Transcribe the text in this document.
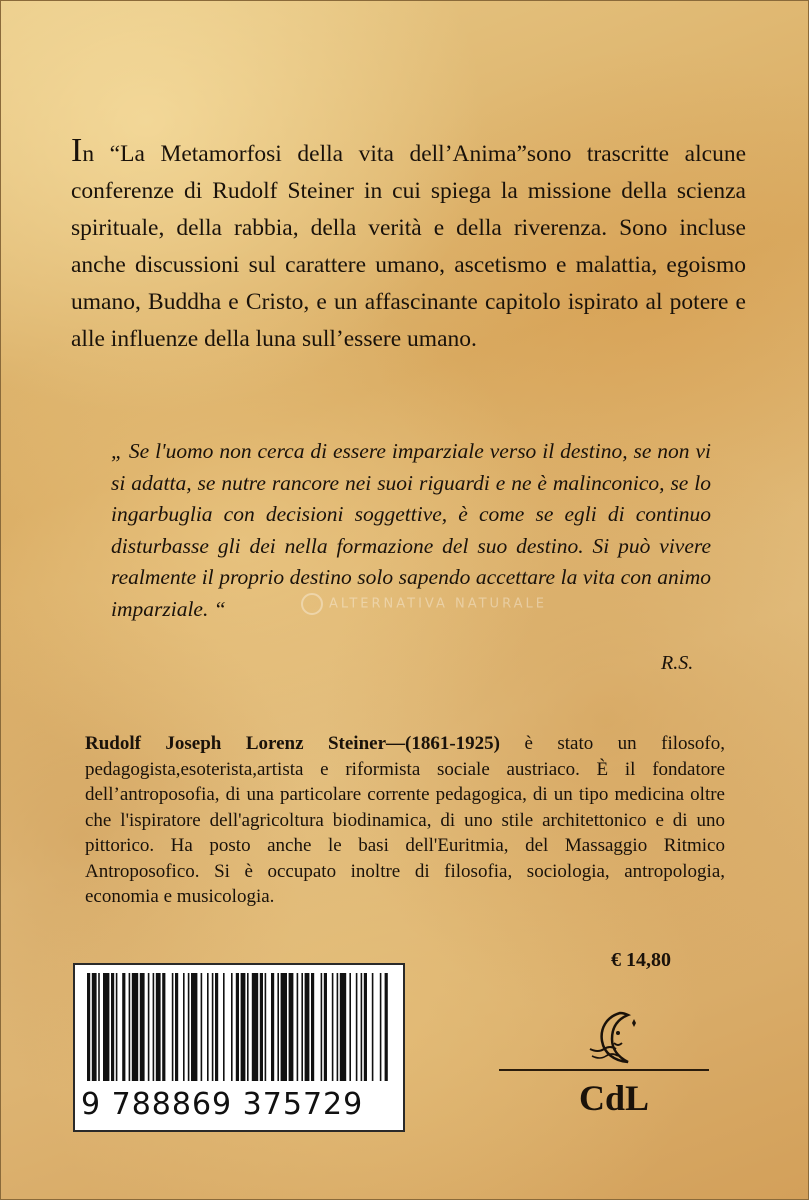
In “La Metamorfosi della vita dell’Anima”sono trascritte alcune conferenze di Rudolf Steiner in cui spiega la missione della scienza spirituale, della rabbia, della verità e della riverenza. Sono incluse anche discussioni sul carattere umano, ascetismo e malattia, egoismo umano, Buddha e Cristo, e un affascinante capitolo ispirato al potere e alle influenze della luna sull’essere umano.

„ Se l'uomo non cerca di essere imparziale verso il destino, se non vi si adatta, se nutre rancore nei suoi riguardi e ne è malinconico, se lo ingarbuglia con decisioni soggettive, è come se egli di continuo disturbasse gli dei nella formazione del suo destino. Si può vivere realmente il proprio destino solo sapendo accettare la vita con animo imparziale. “

R.S.
ALTERNATIVA NATURALE

Rudolf Joseph Lorenz Steiner—(1861-1925) è stato un filosofo, pedagogista,esoterista,artista e riformista sociale austriaco. È il fondatore dell’antroposofia, di una particolare corrente pedagogica, di un tipo medicina oltre che l'ispiratore dell'agricoltura biodinamica, di uno stile architettonico e di uno pittorico. Ha posto anche le basi dell'Euritmia, del Massaggio Ritmico Antroposofico. Si è occupato inoltre di filosofia, sociologia, antropologia, economia e musicologia.

€ 14,80
9 788869 375729	CdL
